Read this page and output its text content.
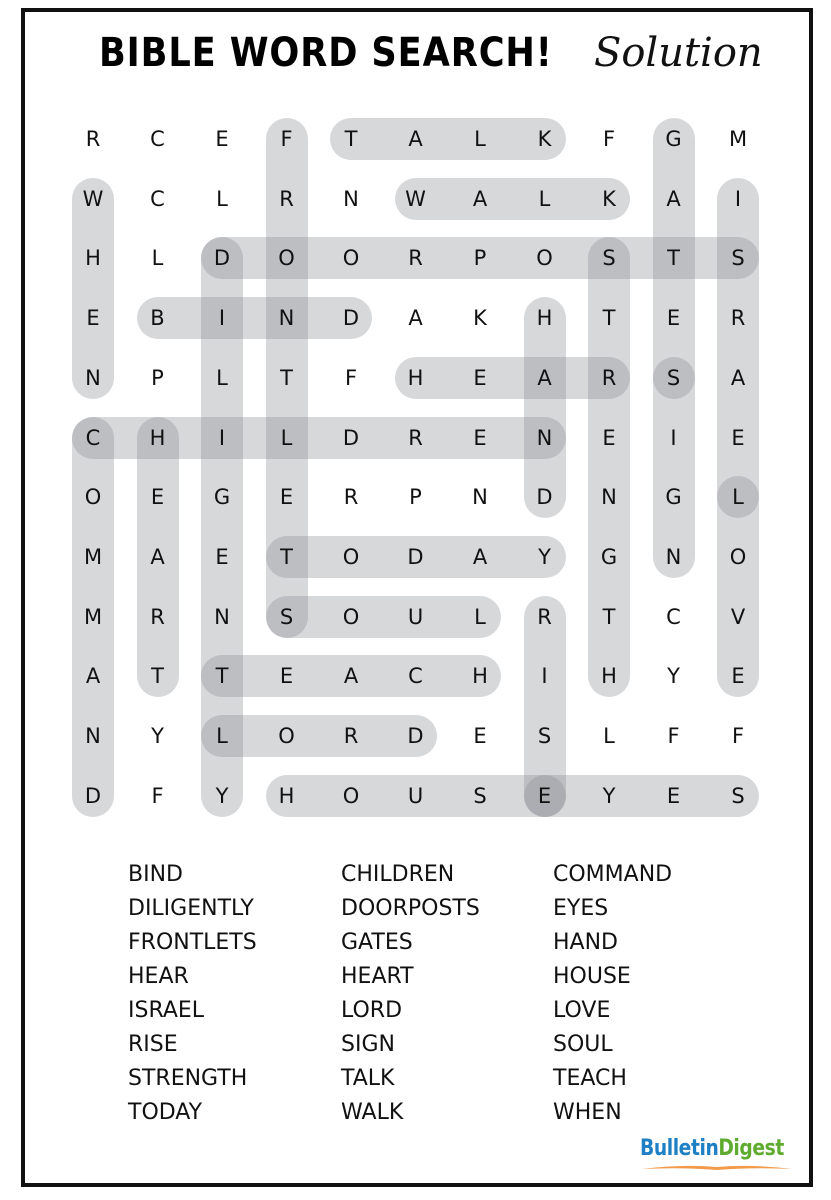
BIBLE WORD SEARCH! Solution
R	C	E	F	T	A	L	K	F	G	M
W	C	L	R	N	W	A	L	K	A	I
H	L	D	O	O	R	P	O	S	T	S
E	B	I	N	D	A	K	H	T	E	R
N	P	L	T	F	H	E	A	R	S	A
C	H	I	L	D	R	E	N	E	I	E
O	E	G	E	R	P	N	D	N	G	L
M	A	E	T	O	D	A	Y	G	N	O
M	R	N	S	O	U	L	R	T	C	V
A	T	T	E	A	C	H	I	H	Y	E
N	Y	L	O	R	D	E	S	L	F	F
D	F	Y	H	O	U	S	E	Y	E	S
BIND
DILIGENTLY
FRONTLETS
HEAR
ISRAEL
RISE
STRENGTH
TODAY
CHILDREN
DOORPOSTS
GATES
HEART
LORD
SIGN
TALK
WALK
COMMAND
EYES
HAND
HOUSE
LOVE
SOUL
TEACH
WHEN
BulletinDigest
